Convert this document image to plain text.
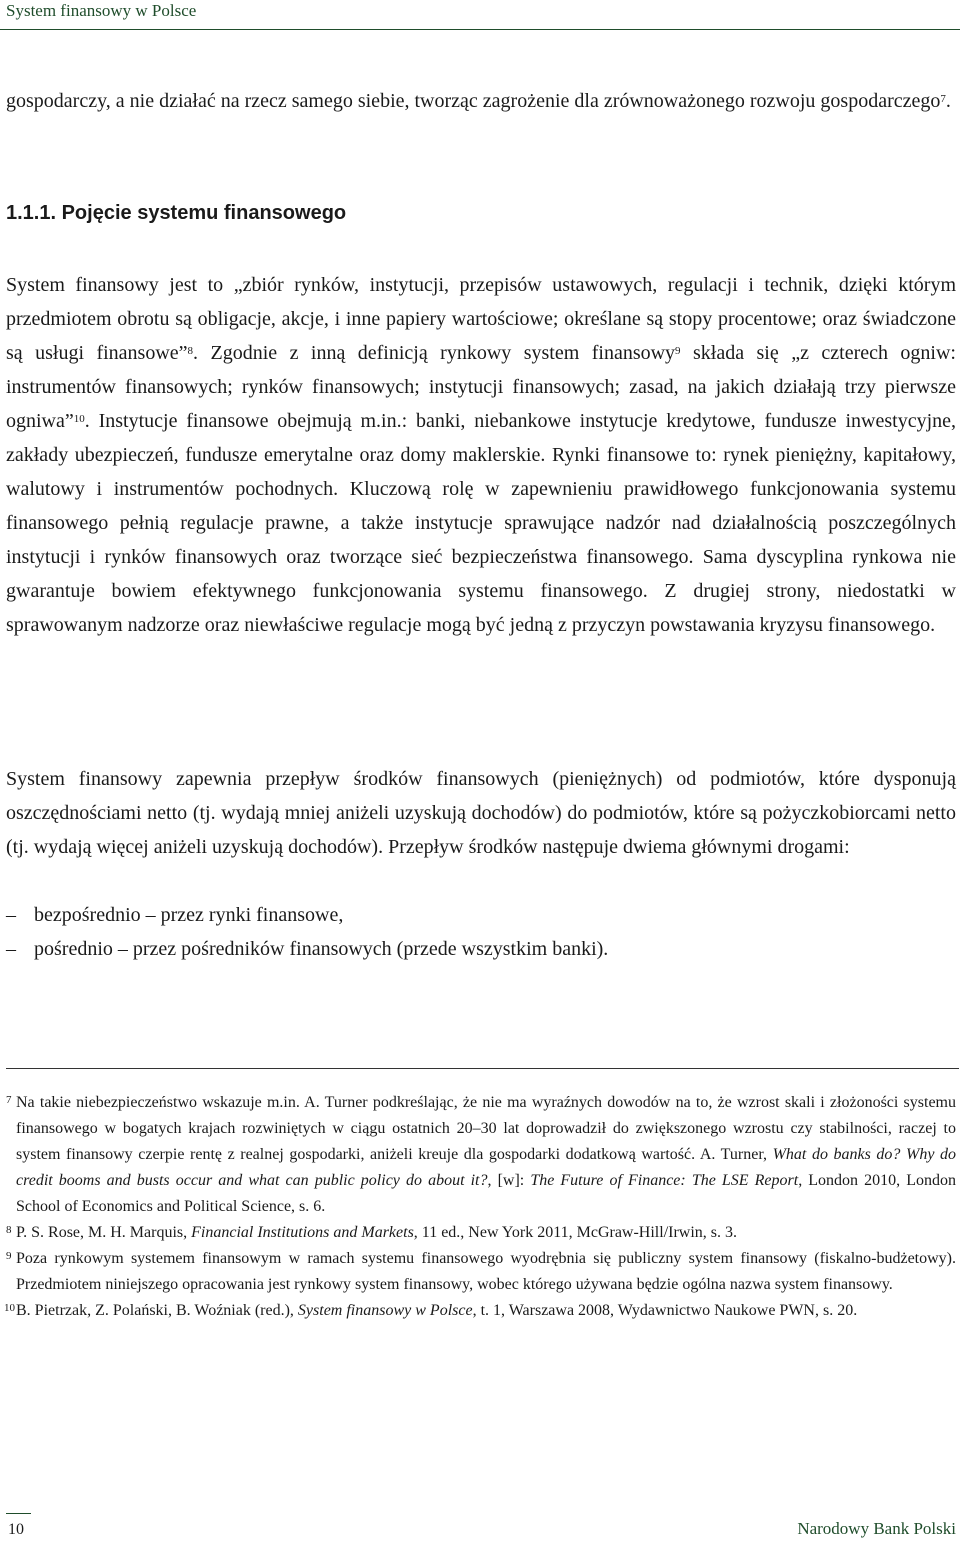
System finansowy w Polsce
gospodarczy, a nie działać na rzecz samego siebie, tworząc zagrożenie dla zrównoważonego rozwoju gospodarczego$^7$.
1.1.1. Pojęcie systemu finansowego
System finansowy jest to „zbiór rynków, instytucji, przepisów ustawowych, regulacji i technik, dzięki którym przedmiotem obrotu są obligacje, akcje, i inne papiery wartościowe; określane są stopy procentowe; oraz świadczone są usługi finansowe”$^8$. Zgodnie z inną definicją rynkowy system finansowy$^9$ składa się „z czterech ogniw: instrumentów finansowych; rynków finansowych; instytucji finansowych; zasad, na jakich działają trzy pierwsze ogniwa”$^{10}$. Instytucje finansowe obejmują m.in.: banki, niebankowe instytucje kredytowe, fundusze inwestycyjne, zakłady ubezpieczeń, fundusze emerytalne oraz domy maklerskie. Rynki finansowe to: rynek pieniężny, kapitałowy, walutowy i instrumentów pochodnych. Kluczową rolę w zapewnieniu prawidłowego funkcjonowania systemu finansowego pełnią regulacje prawne, a także instytucje sprawujące nadzór nad działalnością poszczególnych instytucji i rynków finansowych oraz tworzące sieć bezpieczeństwa finansowego. Sama dyscyplina rynkowa nie gwarantuje bowiem efektywnego funkcjonowania systemu finansowego. Z drugiej strony, niedostatki w sprawowanym nadzorze oraz niewłaściwe regulacje mogą być jedną z przyczyn powstawania kryzysu finansowego.
System finansowy zapewnia przepływ środków finansowych (pieniężnych) od podmiotów, które dysponują oszczędnościami netto (tj. wydają mniej aniżeli uzyskują dochodów) do podmiotów, które są pożyczkobiorcami netto (tj. wydają więcej aniżeli uzyskują dochodów). Przepływ środków następuje dwiema głównymi drogami:
– bezpośrednio – przez rynki finansowe,
– pośrednio – przez pośredników finansowych (przede wszystkim banki).
7 Na takie niebezpieczeństwo wskazuje m.in. A. Turner podkreślając, że nie ma wyraźnych dowodów na to, że wzrost skali i złożoności systemu finansowego w bogatych krajach rozwiniętych w ciągu ostatnich 20–30 lat doprowadził do zwiększonego wzrostu czy stabilności, raczej to system finansowy czerpie rentę z realnej gospodarki, aniżeli kreuje dla gospodarki dodatkową wartość. A. Turner, What do banks do? Why do credit booms and busts occur and what can public policy do about it?, [w]: The Future of Finance: The LSE Report, London 2010, London School of Economics and Political Science, s. 6.
8 P. S. Rose, M. H. Marquis, Financial Institutions and Markets, 11 ed., New York 2011, McGraw-Hill/Irwin, s. 3.
9 Poza rynkowym systemem finansowym w ramach systemu finansowego wyodrębnia się publiczny system finansowy (fiskalno-budżetowy). Przedmiotem niniejszego opracowania jest rynkowy system finansowy, wobec którego używana będzie ogólna nazwa system finansowy.
10 B. Pietrzak, Z. Polański, B. Woźniak (red.), System finansowy w Polsce, t. 1, Warszawa 2008, Wydawnictwo Naukowe PWN, s. 20.
10	Narodowy Bank Polski
